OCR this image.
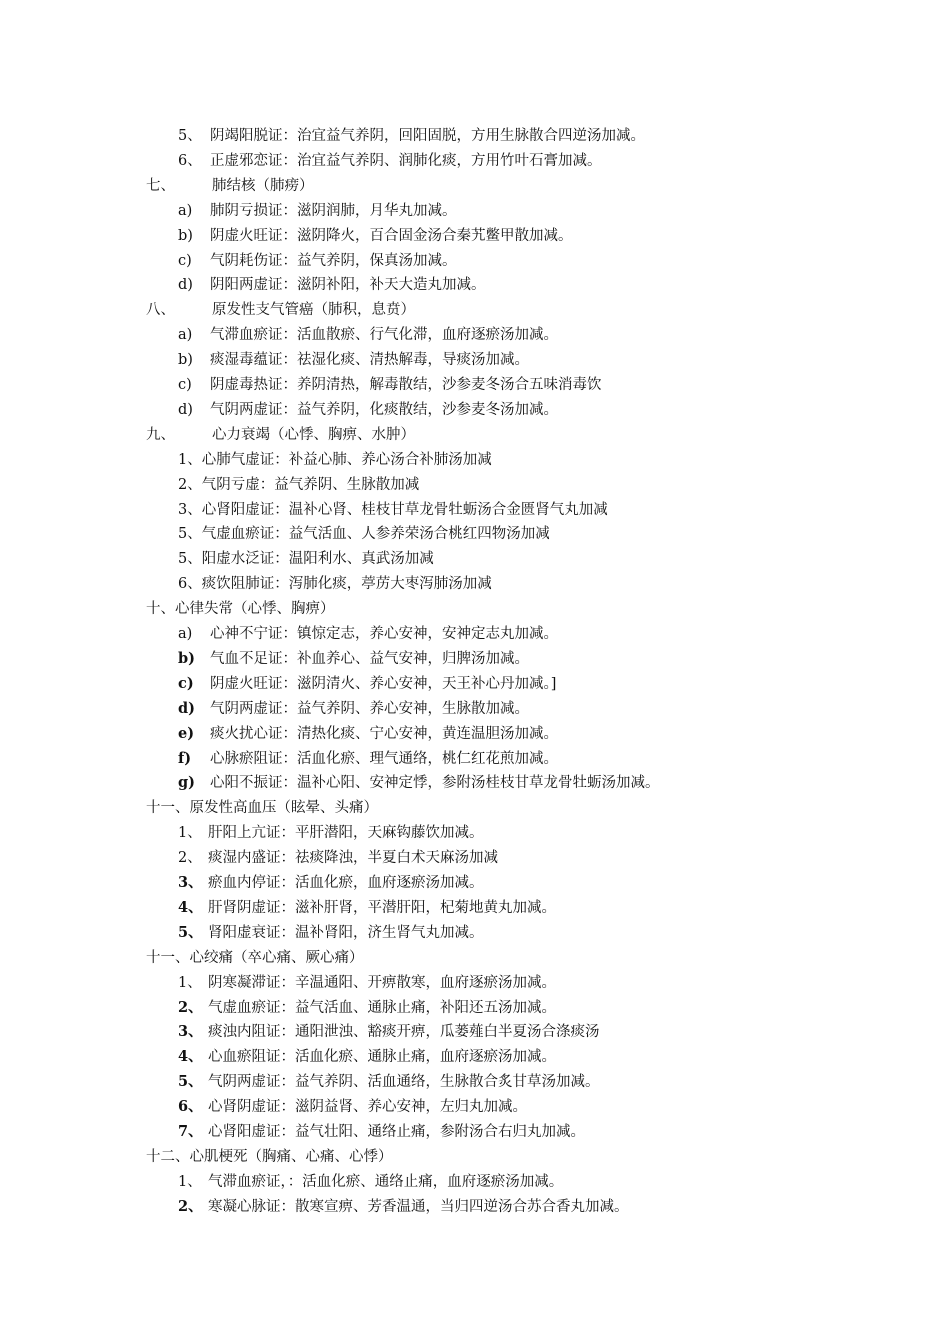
5、 阴竭阳脱证：治宜益气养阴，回阳固脱，方用生脉散合四逆汤加减。
6、 正虚邪恋证：治宜益气养阴、润肺化痰，方用竹叶石膏加减。
七、	肺结核（肺痨）
a) 肺阴亏损证：滋阴润肺，月华丸加减。
b) 阴虚火旺证：滋阴降火，百合固金汤合秦艽鳖甲散加减。
c) 气阴耗伤证：益气养阴，保真汤加减。
d) 阴阳两虚证：滋阴补阳，补天大造丸加减。
八、	原发性支气管癌（肺积，息贲）
a) 气滞血瘀证：活血散瘀、行气化滞，血府逐瘀汤加减。
b) 痰湿毒蕴证：祛湿化痰、清热解毒，导痰汤加减。
c) 阴虚毒热证：养阴清热，解毒散结，沙参麦冬汤合五味消毒饮
d) 气阴两虚证：益气养阴，化痰散结，沙参麦冬汤加减。
九、	心力衰竭（心悸、胸痹、水肿）
1、心肺气虚证：补益心肺、养心汤合补肺汤加减
2、气阴亏虚：益气养阴、生脉散加减
3、心肾阳虚证：温补心肾、桂枝甘草龙骨牡蛎汤合金匮肾气丸加减
5、气虚血瘀证：益气活血、人参养荣汤合桃红四物汤加减
5、阳虚水泛证：温阳利水、真武汤加减
6、痰饮阻肺证：泻肺化痰，葶苈大枣泻肺汤加减
十、心律失常（心悸、胸痹）
a) 心神不宁证：镇惊定志，养心安神，安神定志丸加减。
b) 气血不足证：补血养心、益气安神，归脾汤加减。
c) 阴虚火旺证：滋阴清火、养心安神，天王补心丹加减。]
d) 气阴两虚证：益气养阴、养心安神，生脉散加减。
e) 痰火扰心证：清热化痰、宁心安神，黄连温胆汤加减。
f) 心脉瘀阻证：活血化瘀、理气通络，桃仁红花煎加减。
g) 心阳不振证：温补心阳、安神定悸，参附汤桂枝甘草龙骨牡蛎汤加减。
十一、原发性高血压（眩晕、头痛）
1、 肝阳上亢证：平肝潜阳，天麻钩藤饮加减。
2、 痰湿内盛证：祛痰降浊，半夏白术天麻汤加减
3、 瘀血内停证：活血化瘀，血府逐瘀汤加减。
4、 肝肾阴虚证：滋补肝肾，平潜肝阳，杞菊地黄丸加减。
5、 肾阳虚衰证：温补肾阳，济生肾气丸加减。
十一、心绞痛（卒心痛、厥心痛）
1、 阴寒凝滞证：辛温通阳、开痹散寒，血府逐瘀汤加减。
2、 气虚血瘀证：益气活血、通脉止痛，补阳还五汤加减。
3、 痰浊内阻证：通阳泄浊、豁痰开痹，瓜蒌薤白半夏汤合涤痰汤
4、 心血瘀阻证：活血化瘀、通脉止痛，血府逐瘀汤加减。
5、 气阴两虚证：益气养阴、活血通络，生脉散合炙甘草汤加减。
6、 心肾阴虚证：滋阴益肾、养心安神，左归丸加减。
7、 心肾阳虚证：益气壮阳、通络止痛，参附汤合右归丸加减。
十二、心肌梗死（胸痛、心痛、心悸）
1、 气滞血瘀证，：活血化瘀、通络止痛，血府逐瘀汤加减。
2、 寒凝心脉证：散寒宣痹、芳香温通，当归四逆汤合苏合香丸加减。
